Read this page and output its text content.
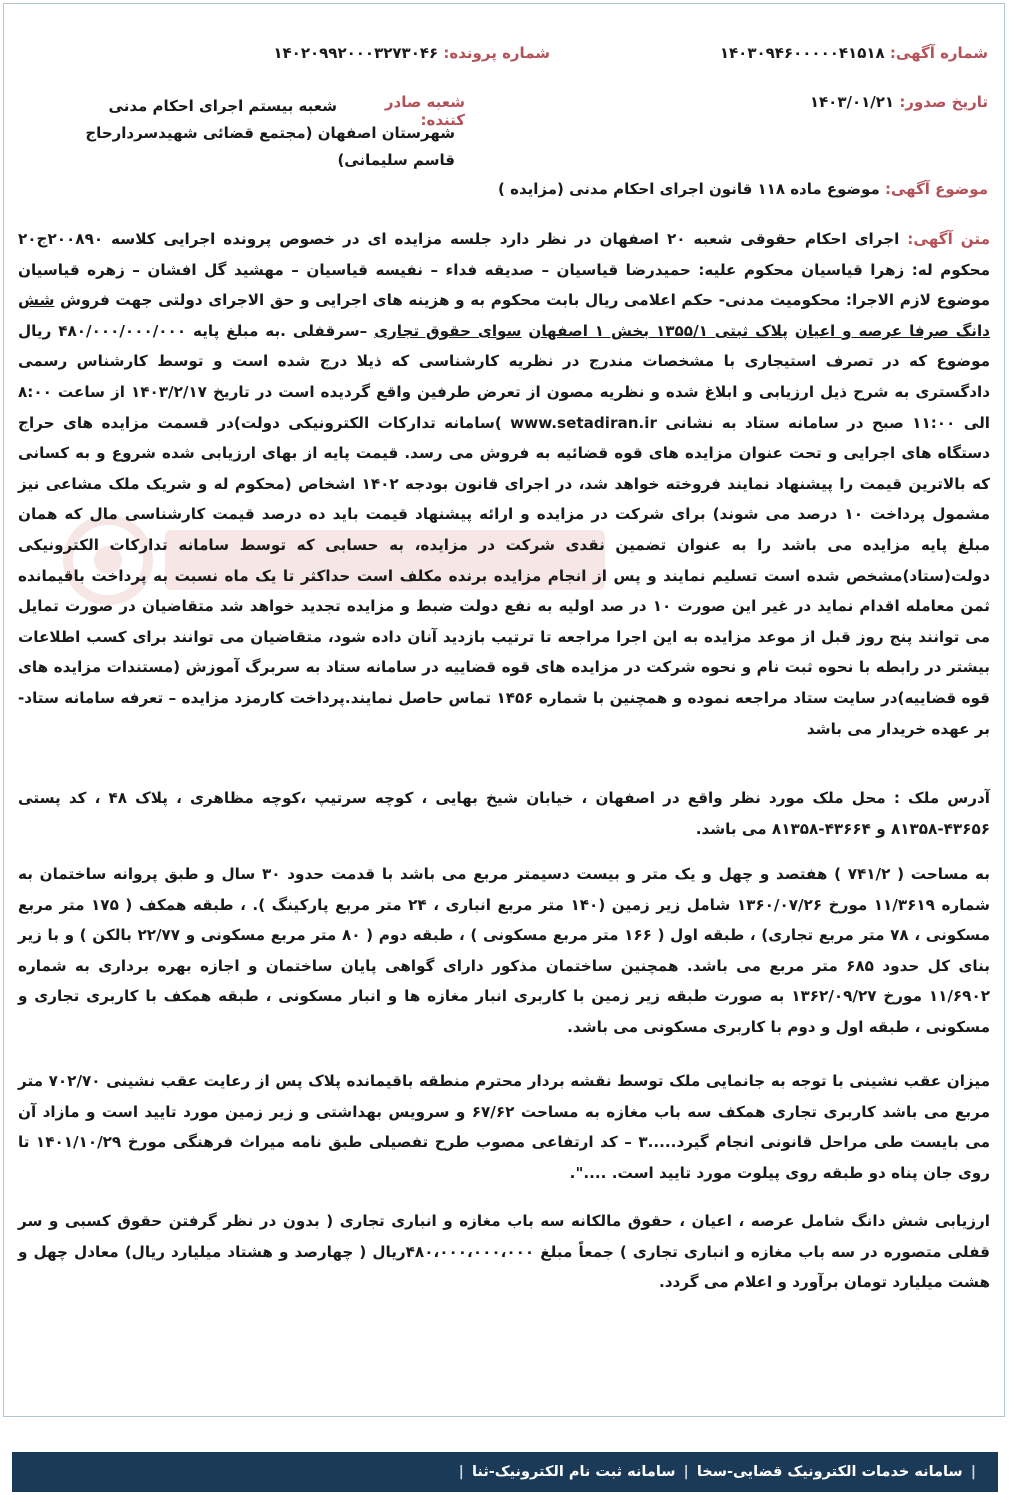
شماره آگهی: ۱۴۰۳۰۹۴۶۰۰۰۰۰۴۱۵۱۸
شماره پرونده: ۱۴۰۲۰۹۹۲۰۰۰۳۲۷۳۰۴۶
تاریخ صدور: ۱۴۰۳/۰۱/۲۱
شعبه صادر کننده:
شعبه بیستم اجرای احکام مدنی شهرستان اصفهان (مجتمع قضائی شهیدسردارحاج قاسم سلیمانی)
موضوع آگهی: موضوع ماده ۱۱۸ قانون اجرای احکام مدنی (مزایده )
متن آگهی: اجرای احکام حقوقی شعبه ۲۰ اصفهان در نظر دارد جلسه مزایده ای در خصوص پرونده اجرایی کلاسه ۲۰۰۸۹۰ج۲۰ محکوم له: زهرا قیاسیان محکوم علیه: حمیدرضا قیاسیان – صدیقه فداء – نفیسه قیاسیان – مهشید گل افشان – زهره قیاسیان موضوع لازم الاجرا: محکومیت مدنی- حکم اعلامی ریال بابت محکوم به و هزینه های اجرایی و حق الاجرای دولتی جهت فروش شش دانگ صرفا عرصه و اعیان پلاک ثبتی ۱۳۵۵/۱ بخش ۱ اصفهان سوای حقوق تجاری –سرقفلی .به مبلغ پایه ۴۸۰/۰۰۰/۰۰۰/۰۰۰ ریال موضوع که در تصرف استیجاری با مشخصات مندرج در نظریه کارشناسی که ذیلا درج شده است و توسط کارشناس رسمی دادگستری به شرح ذیل ارزیابی و ابلاغ شده و نظریه مصون از تعرض طرفین واقع گردیده است در تاریخ ۱۴۰۳/۲/۱۷ از ساعت ۸:۰۰ الی ۱۱:۰۰ صبح در سامانه ستاد به نشانی www.setadiran.ir )سامانه تدارکات الکترونیکی دولت)در قسمت مزایده های حراج دستگاه های اجرایی و تحت عنوان مزایده های قوه قضائیه به فروش می رسد. قیمت پایه از بهای ارزیابی شده شروع و به کسانی که بالاترین قیمت را پیشنهاد نمایند فروخته خواهد شد، در اجرای قانون بودجه ۱۴۰۲ اشخاص (محکوم له و شریک ملک مشاعی نیز مشمول پرداخت ۱۰ درصد می شوند) برای شرکت در مزایده و ارائه پیشنهاد قیمت باید ده درصد قیمت کارشناسی مال که همان مبلغ پایه مزایده می باشد را به عنوان تضمین نقدی شرکت در مزایده، به حسابی که توسط سامانه تدارکات الکترونیکی دولت(ستاد)مشخص شده است تسلیم نمایند و پس از انجام مزایده برنده مکلف است حداکثر تا یک ماه نسبت به پرداخت باقیمانده ثمن معامله اقدام نماید در غیر این صورت ۱۰ در صد اولیه به نفع دولت ضبط و مزایده تجدید خواهد شد متقاضیان در صورت تمایل می توانند پنج روز قبل از موعد مزایده به این اجرا مراجعه تا ترتیب بازدید آنان داده شود، متقاضیان می توانند برای کسب اطلاعات بیشتر در رابطه با نحوه ثبت نام و نحوه شرکت در مزایده های قوه قضاییه در سامانه ستاد به سربرگ آموزش (مستندات مزایده های قوه قضاییه)در سایت ستاد مراجعه نموده و همچنین با شماره ۱۴۵۶ تماس حاصل نمایند.پرداخت کارمزد مزایده – تعرفه سامانه ستاد- بر عهده خریدار می باشد
آدرس ملک : محل ملک مورد نظر واقع در اصفهان ، خیابان شیخ بهایی ، کوچه سرتیپ ،کوچه مظاهری ، پلاک ۴۸ ، کد پستی ۴۳۶۵۶-۸۱۳۵۸ و ۴۳۶۶۴-۸۱۳۵۸ می باشد.
به مساحت ( ۷۴۱/۲ ) هفتصد و چهل و یک متر و بیست دسیمتر مربع می باشد با قدمت حدود ۳۰ سال و طبق پروانه ساختمان به شماره ۱۱/۳۶۱۹ مورخ ۱۳۶۰/۰۷/۲۶ شامل زیر زمین (۱۴۰ متر مربع انباری ، ۲۴ متر مربع پارکینگ ). ، طبقه همکف ( ۱۷۵ متر مربع مسکونی ، ۷۸ متر مربع تجاری) ، طبقه اول ( ۱۶۶ متر مربع مسکونی ) ، طبقه دوم ( ۸۰ متر مربع مسکونی و ۲۲/۷۷ بالکن ) و با زیر بنای کل حدود ۶۸۵ متر مربع می باشد. همچنین ساختمان مذکور دارای گواهی پایان ساختمان و اجازه بهره برداری به شماره ۱۱/۶۹۰۲ مورخ ۱۳۶۲/۰۹/۲۷ به صورت طبقه زیر زمین با کاربری انبار مغازه ها و انبار مسکونی ، طبقه همکف با کاربری تجاری و مسکونی ، طبقه اول و دوم با کاربری مسکونی می باشد.
میزان عقب نشینی با توجه به جانمایی ملک توسط نقشه بردار محترم منطقه باقیمانده پلاک پس از رعایت عقب نشینی ۷۰۲/۷۰ متر مربع می باشد کاربری تجاری همکف سه باب مغازه به مساحت ۶۷/۶۲ و سرویس بهداشتی و زیر زمین مورد تایید است و مازاد آن می بایست طی مراحل قانونی انجام گیرد.....۳ – کد ارتفاعی مصوب طرح تفصیلی طبق نامه میراث فرهنگی مورخ ۱۴۰۱/۱۰/۲۹ تا روی جان پناه دو طبقه روی پیلوت مورد تایید است. ....".
ارزیابی شش دانگ شامل عرصه ، اعیان ، حقوق مالکانه سه باب مغازه و انباری تجاری ( بدون در نظر گرفتن حقوق کسبی و سر قفلی متصوره در سه باب مغازه و انباری تجاری ) جمعاً مبلغ ۴۸۰،۰۰۰،۰۰۰،۰۰۰ریال ( چهارصد و هشتاد میلیارد ریال) معادل چهل و هشت میلیارد تومان برآورد و اعلام می گردد.
|
سامانه خدمات الکترونیک قضایی-سخا
|
سامانه ثبت نام الکترونیک-ثنا
|
